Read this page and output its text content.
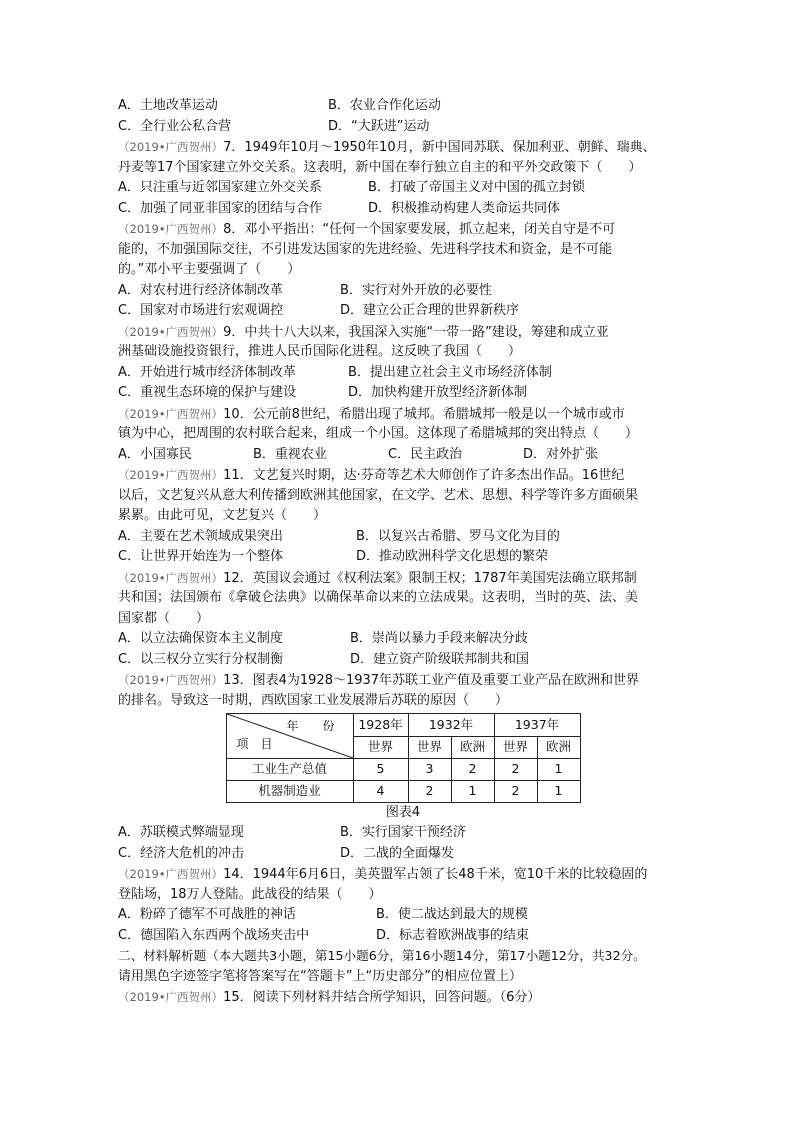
A．土地改革运动	B．农业合作化运动
C．全行业公私合营	D．“大跃进”运动
（2019•广西贺州）7．1949年10月～1950年10月，新中国同苏联、保加利亚、朝鲜、瑞典、
丹麦等17个国家建立外交关系。这表明，新中国在奉行独立自主的和平外交政策下（　　）
A．只注重与近邻国家建立外交关系	B．打破了帝国主义对中国的孤立封锁
C．加强了同亚非国家的团结与合作	D．积极推动构建人类命运共同体
（2019•广西贺州）8．邓小平指出：“任何一个国家要发展，抓立起来，闭关自守是不可
能的，不加强国际交往，不引进发达国家的先进经验、先进科学技术和资金，是不可能
的。”邓小平主要强调了（　　）
A．对农村进行经济体制改革	B．实行对外开放的必要性
C．国家对市场进行宏观调控	D．建立公正合理的世界新秩序
（2019•广西贺州）9．中共十八大以来，我国深入实施“一带一路”建设，筹建和成立亚
洲基础设施投资银行，推进人民币国际化进程。这反映了我国（　　）
A．开始进行城市经济体制改革	B．提出建立社会主义市场经济体制
C．重视生态环境的保护与建设	D．加快构建开放型经济新体制
（2019•广西贺州）10．公元前8世纪，希腊出现了城邦。希腊城邦一般是以一个城市或市
镇为中心，把周围的农村联合起来，组成一个小国。这体现了希腊城邦的突出特点（　　）
A．小国寡民	B．重视农业	C．民主政治	D．对外扩张
（2019•广西贺州）11．文艺复兴时期，达·芬奇等艺术大师创作了许多杰出作品。16世纪
以后，文艺复兴从意大利传播到欧洲其他国家，在文学、艺术、思想、科学等许多方面硕果
累累。由此可见，文艺复兴（　　）
A．主要在艺术领域成果突出	B．以复兴古希腊、罗马文化为目的
C．让世界开始连为一个整体	D．推动欧洲科学文化思想的繁荣
（2019•广西贺州）12．英国议会通过《权利法案》限制王权；1787年美国宪法确立联邦制
共和国；法国颁布《拿破仑法典》以确保革命以来的立法成果。这表明，当时的英、法、美
国家都（　　）
A．以立法确保资本主义制度	B．崇尚以暴力手段来解决分歧
C．以三权分立实行分权制衡	D．建立资产阶级联邦制共和国
（2019•广西贺州）13．图表4为1928～1937年苏联工业产值及重要工业产品在欧洲和世界
的排名。导致这一时期，西欧国家工业发展滞后苏联的原因（　　）
年　　份
项　目	1928年	1932年		1937年	
	世界	世界	欧洲	世界	欧洲
工业生产总值	5	3	2	2	1
机器制造业	4	2	1	2	1
图表4
A．苏联模式弊端显现	B．实行国家干预经济
C．经济大危机的冲击	D．二战的全面爆发
（2019•广西贺州）14．1944年6月6日，美英盟军占领了长48千米，宽10千米的比较稳固的
登陆场，18万人登陆。此战役的结果（　　）
A．粉碎了德军不可战胜的神话	B．使二战达到最大的规模
C．德国陷入东西两个战场夹击中	D．标志着欧洲战事的结束
二、材料解析题（本大题共3小题，第15小题6分，第16小题14分，第17小题12分，共32分。
请用黑色字迹签字笔将答案写在“答题卡”上“历史部分”的相应位置上）
（2019•广西贺州）15．阅读下列材料并结合所学知识，回答问题。（6分）
